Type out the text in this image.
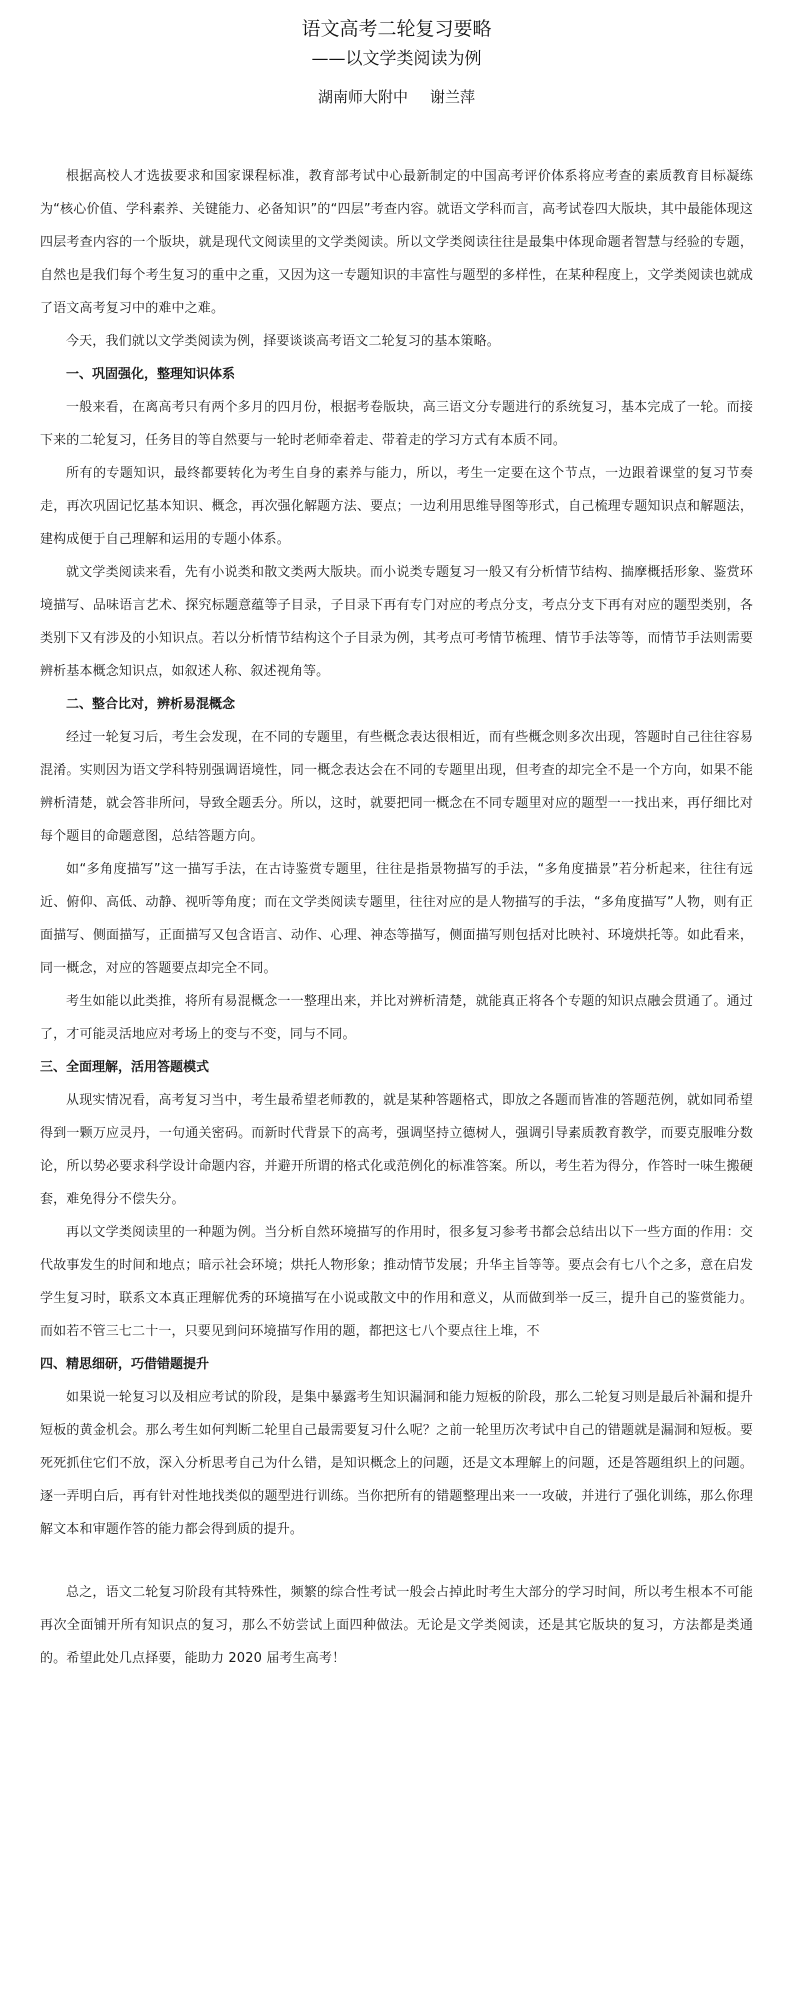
语文高考二轮复习要略
——以文学类阅读为例
湖南师大附中 谢兰萍

根据高校人才选拔要求和国家课程标准，教育部考试中心最新制定的中国高考评价体系将应考查的素质教育目标凝练为“核心价值、学科素养、关键能力、必备知识”的“四层”考查内容。就语文学科而言，高考试卷四大版块，其中最能体现这四层考查内容的一个版块，就是现代文阅读里的文学类阅读。所以文学类阅读往往是最集中体现命题者智慧与经验的专题，自然也是我们每个考生复习的重中之重，又因为这一专题知识的丰富性与题型的多样性，在某种程度上，文学类阅读也就成了语文高考复习中的难中之难。

今天，我们就以文学类阅读为例，择要谈谈高考语文二轮复习的基本策略。

一、巩固强化，整理知识体系

一般来看，在离高考只有两个多月的四月份，根据考卷版块，高三语文分专题进行的系统复习，基本完成了一轮。而接下来的二轮复习，任务目的等自然要与一轮时老师牵着走、带着走的学习方式有本质不同。

所有的专题知识，最终都要转化为考生自身的素养与能力，所以，考生一定要在这个节点，一边跟着课堂的复习节奏走，再次巩固记忆基本知识、概念，再次强化解题方法、要点；一边利用思维导图等形式，自己梳理专题知识点和解题法，建构成便于自己理解和运用的专题小体系。

就文学类阅读来看，先有小说类和散文类两大版块。而小说类专题复习一般又有分析情节结构、揣摩概括形象、鉴赏环境描写、品味语言艺术、探究标题意蕴等子目录，子目录下再有专门对应的考点分支，考点分支下再有对应的题型类别，各类别下又有涉及的小知识点。若以分析情节结构这个子目录为例，其考点可考情节梳理、情节手法等等，而情节手法则需要辨析基本概念知识点，如叙述人称、叙述视角等。

二、整合比对，辨析易混概念

经过一轮复习后，考生会发现，在不同的专题里，有些概念表达很相近，而有些概念则多次出现，答题时自己往往容易混淆。实则因为语文学科特别强调语境性，同一概念表达会在不同的专题里出现，但考查的却完全不是一个方向，如果不能辨析清楚，就会答非所问，导致全题丢分。所以，这时，就要把同一概念在不同专题里对应的题型一一找出来，再仔细比对每个题目的命题意图，总结答题方向。

如“多角度描写”这一描写手法，在古诗鉴赏专题里，往往是指景物描写的手法，“多角度描景”若分析起来，往往有远近、俯仰、高低、动静、视听等角度；而在文学类阅读专题里，往往对应的是人物描写的手法，“多角度描写”人物，则有正面描写、侧面描写，正面描写又包含语言、动作、心理、神态等描写，侧面描写则包括对比映衬、环境烘托等。如此看来，同一概念，对应的答题要点却完全不同。

考生如能以此类推，将所有易混概念一一整理出来，并比对辨析清楚，就能真正将各个专题的知识点融会贯通了。通过了，才可能灵活地应对考场上的变与不变，同与不同。

三、全面理解，活用答题模式

从现实情况看，高考复习当中，考生最希望老师教的，就是某种答题格式，即放之各题而皆准的答题范例，就如同希望得到一颗万应灵丹，一句通关密码。而新时代背景下的高考，强调坚持立德树人，强调引导素质教育教学，而要克服唯分数论，所以势必要求科学设计命题内容，并避开所谓的格式化或范例化的标准答案。所以，考生若为得分，作答时一味生搬硬套，难免得分不偿失分。

再以文学类阅读里的一种题为例。当分析自然环境描写的作用时，很多复习参考书都会总结出以下一些方面的作用：交代故事发生的时间和地点；暗示社会环境；烘托人物形象；推动情节发展；升华主旨等等。要点会有七八个之多，意在启发学生复习时，联系文本真正理解优秀的环境描写在小说或散文中的作用和意义，从而做到举一反三，提升自己的鉴赏能力。而如若不管三七二十一，只要见到问环境描写作用的题，都把这七八个要点往上堆，不

四、精思细研，巧借错题提升

如果说一轮复习以及相应考试的阶段，是集中暴露考生知识漏洞和能力短板的阶段，那么二轮复习则是最后补漏和提升短板的黄金机会。那么考生如何判断二轮里自己最需要复习什么呢？之前一轮里历次考试中自己的错题就是漏洞和短板。要死死抓住它们不放，深入分析思考自己为什么错，是知识概念上的问题，还是文本理解上的问题，还是答题组织上的问题。逐一弄明白后，再有针对性地找类似的题型进行训练。当你把所有的错题整理出来一一攻破，并进行了强化训练，那么你理解文本和审题作答的能力都会得到质的提升。

总之，语文二轮复习阶段有其特殊性，频繁的综合性考试一般会占掉此时考生大部分的学习时间，所以考生根本不可能再次全面铺开所有知识点的复习，那么不妨尝试上面四种做法。无论是文学类阅读，还是其它版块的复习，方法都是类通的。希望此处几点择要，能助力 2020 届考生高考！
